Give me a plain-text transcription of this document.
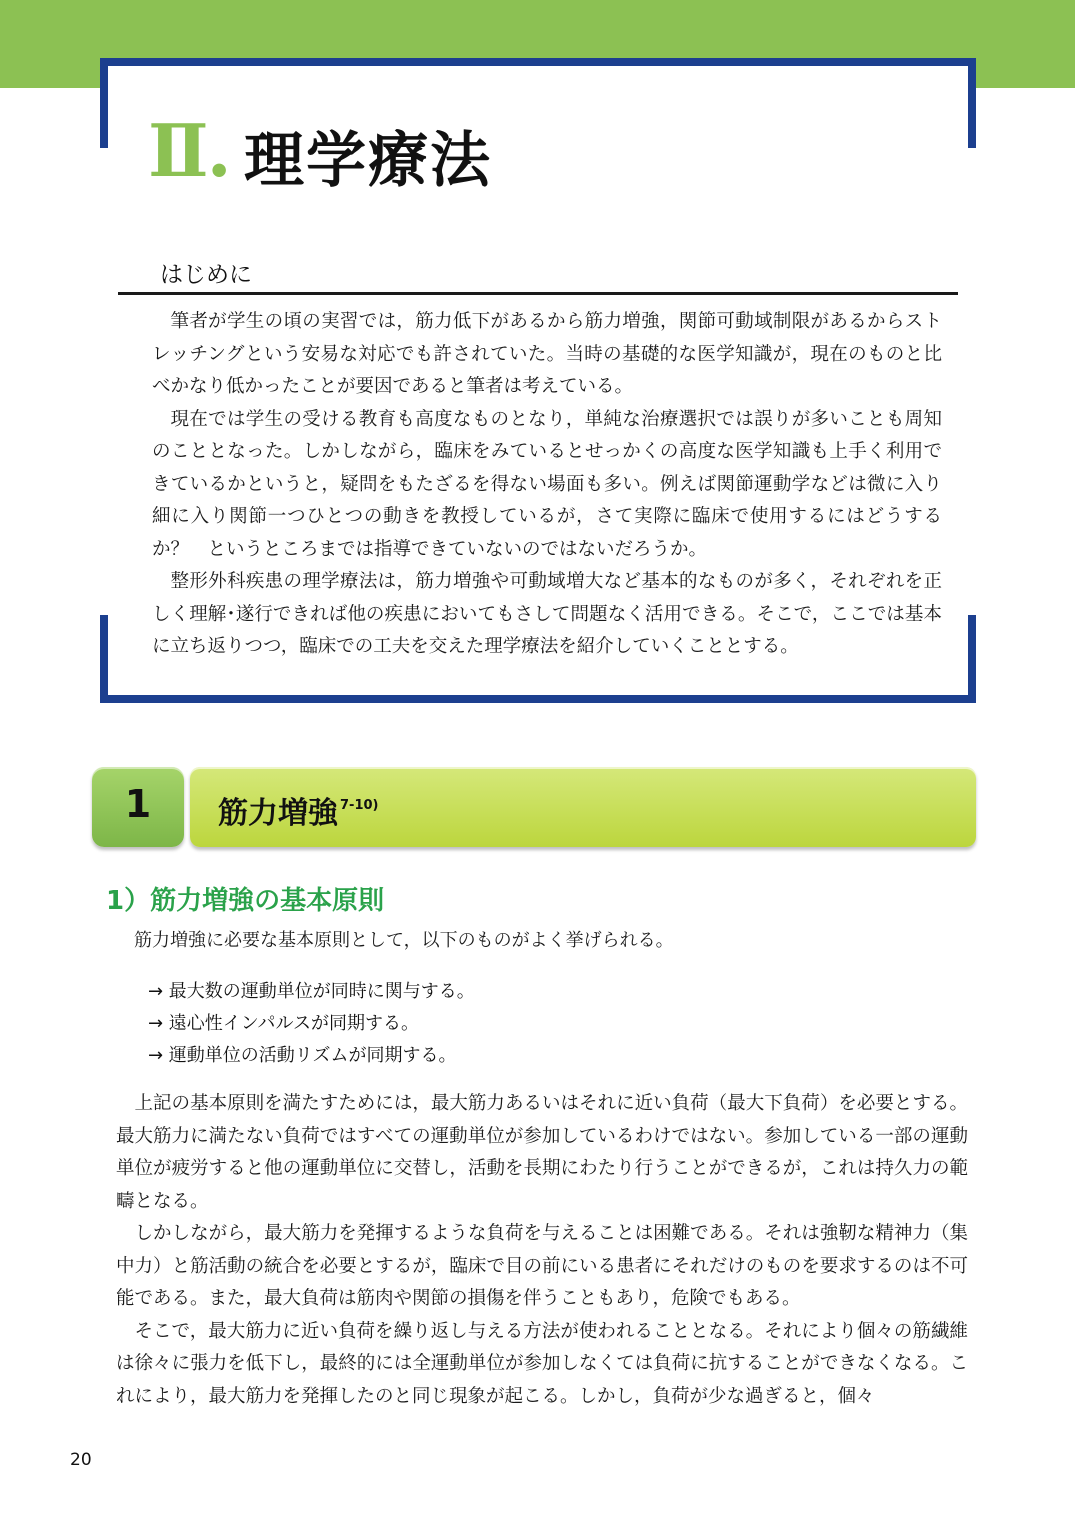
Ⅱ. 理学療法
はじめに

筆者が学生の頃の実習では，筋力低下があるから筋力増強，関節可動域制限があるからストレッチングという安易な対応でも許されていた。当時の基礎的な医学知識が，現在のものと比べかなり低かったことが要因であると筆者は考えている。

現在では学生の受ける教育も高度なものとなり，単純な治療選択では誤りが多いことも周知のこととなった。しかしながら，臨床をみているとせっかくの高度な医学知識も上手く利用できているかというと，疑問をもたざるを得ない場面も多い。例えば関節運動学などは微に入り細に入り関節一つひとつの動きを教授しているが，さて実際に臨床で使用するにはどうするか？　というところまでは指導できていないのではないだろうか。

整形外科疾患の理学療法は，筋力増強や可動域増大など基本的なものが多く，それぞれを正しく理解･遂行できれば他の疾患においてもさして問題なく活用できる。そこで，ここでは基本に立ち返りつつ，臨床での工夫を交えた理学療法を紹介していくこととする。

1	筋力増強 $^{7-10)}$
1）筋力増強の基本原則
筋力増強に必要な基本原則として，以下のものがよく挙げられる。
→ 最大数の運動単位が同時に関与する。
→ 遠心性インパルスが同期する。
→ 運動単位の活動リズムが同期する。

上記の基本原則を満たすためには，最大筋力あるいはそれに近い負荷（最大下負荷）を必要とする。最大筋力に満たない負荷ではすべての運動単位が参加しているわけではない。参加している一部の運動単位が疲労すると他の運動単位に交替し，活動を長期にわたり行うことができるが，これは持久力の範疇となる。

しかしながら，最大筋力を発揮するような負荷を与えることは困難である。それは強靭な精神力（集中力）と筋活動の統合を必要とするが，臨床で目の前にいる患者にそれだけのものを要求するのは不可能である。また，最大負荷は筋肉や関節の損傷を伴うこともあり，危険でもある。

そこで，最大筋力に近い負荷を繰り返し与える方法が使われることとなる。それにより個々の筋繊維は徐々に張力を低下し，最終的には全運動単位が参加しなくては負荷に抗することができなくなる。これにより，最大筋力を発揮したのと同じ現象が起こる。しかし，負荷が少な過ぎると，個々

20
